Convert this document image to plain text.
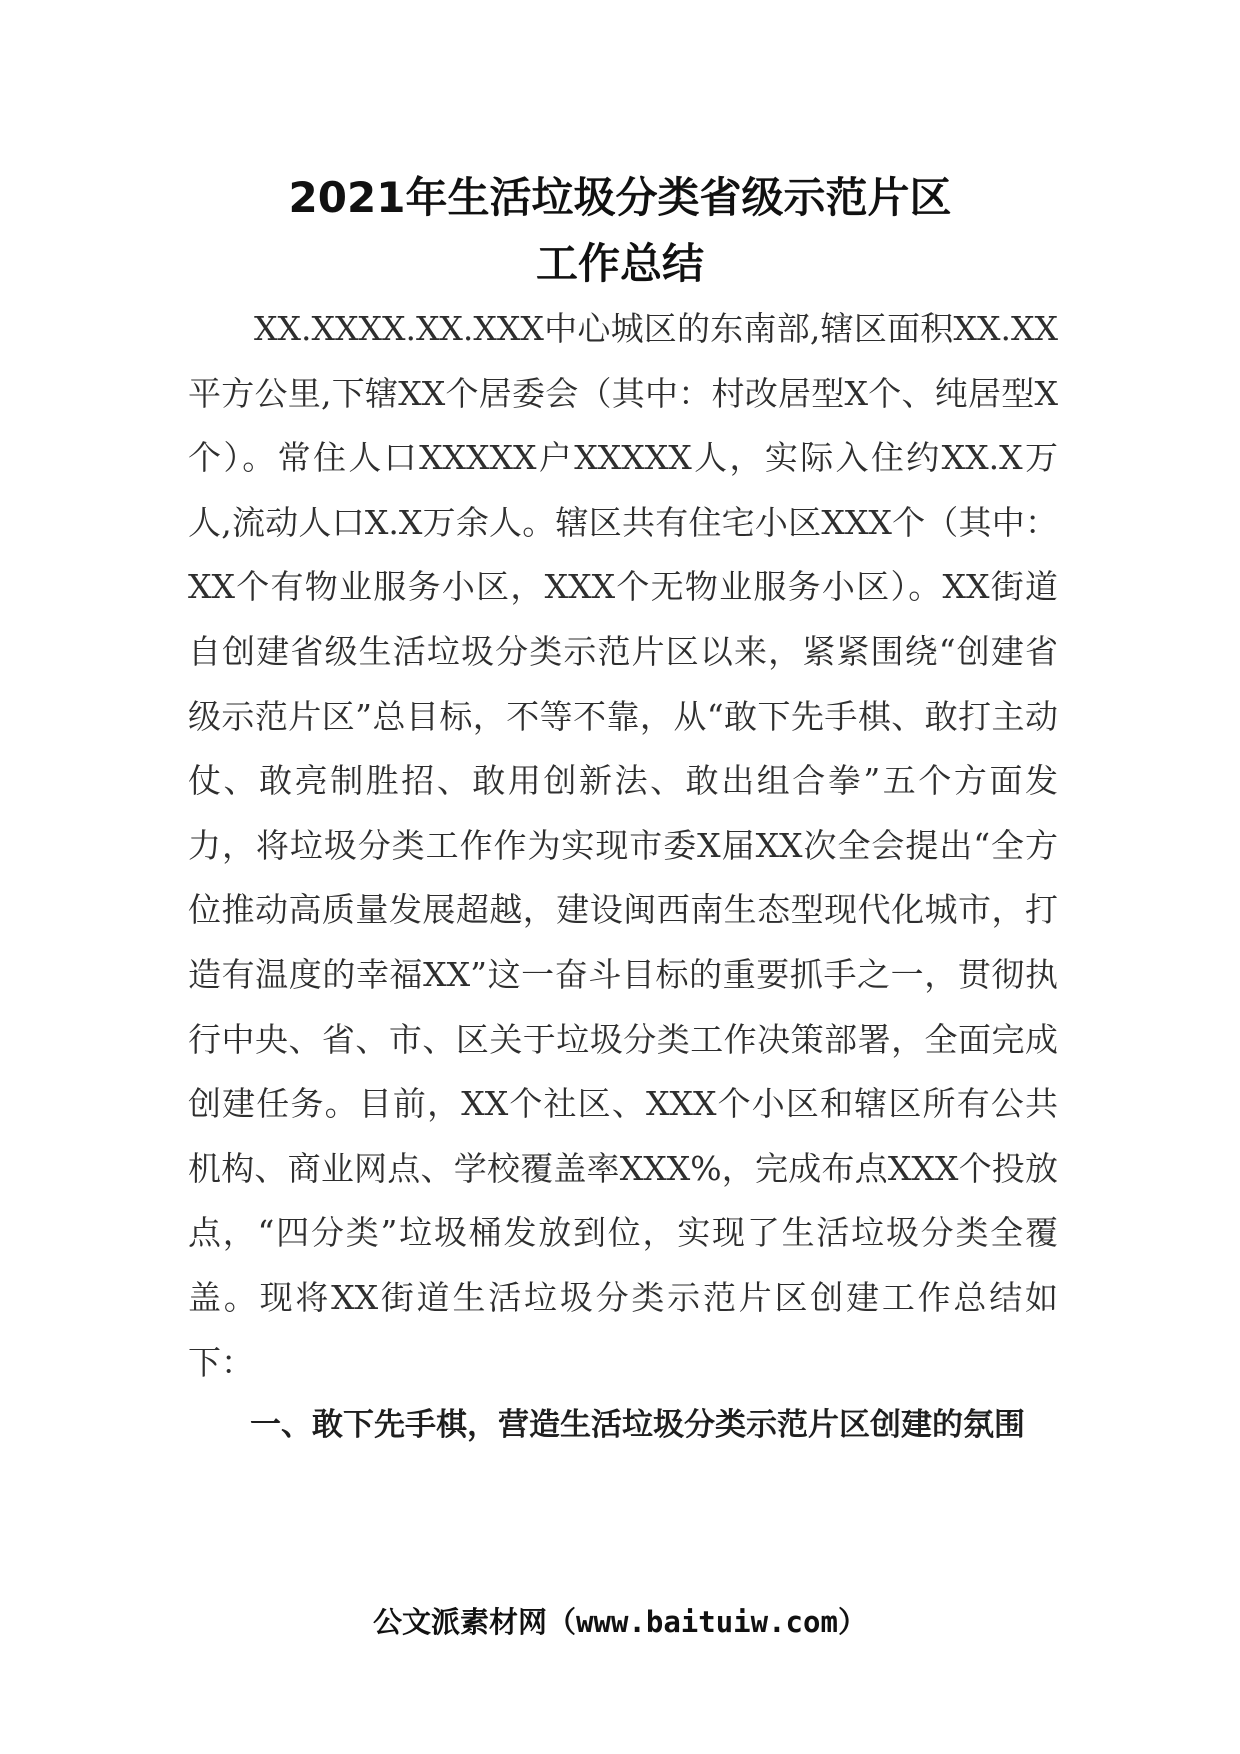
2021年生活垃圾分类省级示范片区
工作总结

XX.XXXX.XX.XXX中心城区的东南部,辖区面积XX.XX平方公里,下辖XX个居委会（其中：村改居型X个、纯居型X个）。常住人口XXXXX户XXXXX人，实际入住约XX.X万人,流动人口X.X万余人。辖区共有住宅小区XXX个（其中：XX个有物业服务小区，XXX个无物业服务小区）。XX街道自创建省级生活垃圾分类示范片区以来，紧紧围绕“创建省级示范片区”总目标，不等不靠，从“敢下先手棋、敢打主动仗、敢亮制胜招、敢用创新法、敢出组合拳”五个方面发力，将垃圾分类工作作为实现市委X届XX次全会提出“全方位推动高质量发展超越，建设闽西南生态型现代化城市，打造有温度的幸福XX”这一奋斗目标的重要抓手之一，贯彻执行中央、省、市、区关于垃圾分类工作决策部署，全面完成创建任务。目前，XX个社区、XXX个小区和辖区所有公共机构、商业网点、学校覆盖率XXX%，完成布点XXX个投放点，“四分类”垃圾桶发放到位，实现了生活垃圾分类全覆盖。现将XX街道生活垃圾分类示范片区创建工作总结如下：

一、敢下先手棋，营造生活垃圾分类示范片区创建的氛围

公文派素材网（www.baituiw.com）
